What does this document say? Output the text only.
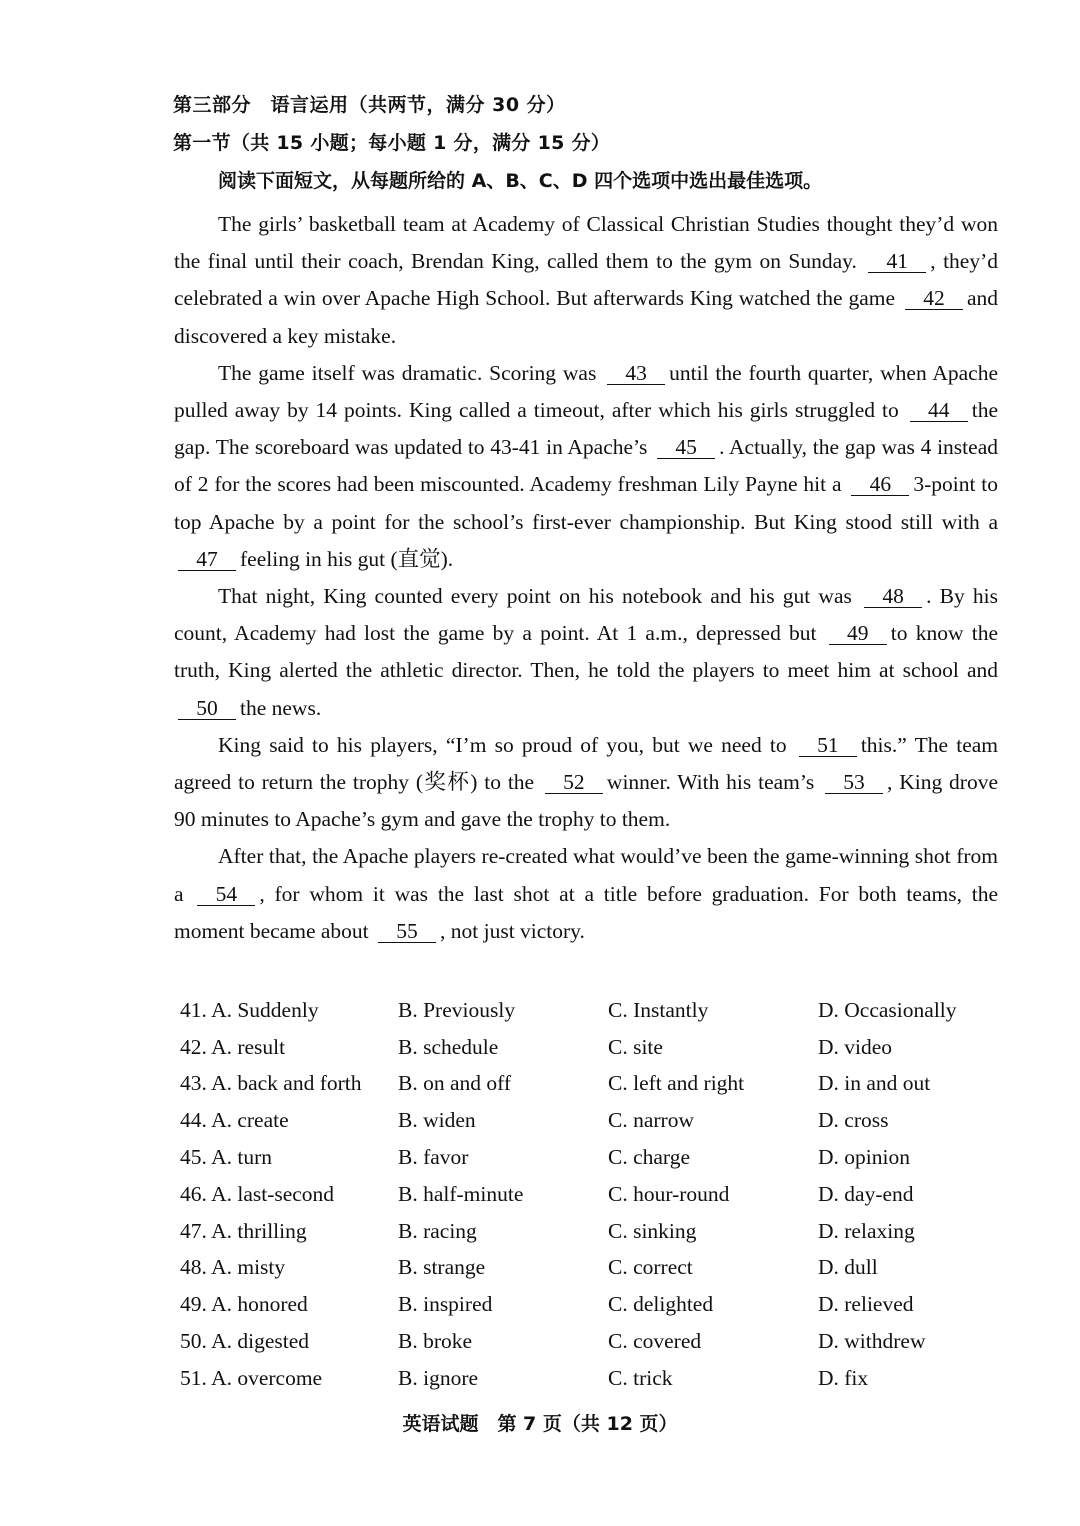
第三部分　语言运用（共两节，满分 30 分）
第一节（共 15 小题；每小题 1 分，满分 15 分）
阅读下面短文，从每题所给的 A、B、C、D 四个选项中选出最佳选项。

The girls’ basketball team at Academy of Classical Christian Studies thought they’d won the final until their coach, Brendan King, called them to the gym on Sunday. 41 , they’d celebrated a win over Apache High School. But afterwards King watched the game 42 and discovered a key mistake.

The game itself was dramatic. Scoring was 43 until the fourth quarter, when Apache pulled away by 14 points. King called a timeout, after which his girls struggled to 44 the gap. The scoreboard was updated to 43-41 in Apache’s 45 . Actually, the gap was 4 instead of 2 for the scores had been miscounted. Academy freshman Lily Payne hit a 46 3-point to top Apache by a point for the school’s first-ever championship. But King stood still with a 47 feeling in his gut (直觉).

That night, King counted every point on his notebook and his gut was 48 . By his count, Academy had lost the game by a point. At 1 a.m., depressed but 49 to know the truth, King alerted the athletic director. Then, he told the players to meet him at school and 50 the news.

King said to his players, “I’m so proud of you, but we need to 51 this.” The team agreed to return the trophy (奖杯) to the 52 winner. With his team’s 53 , King drove 90 minutes to Apache’s gym and gave the trophy to them.

After that, the Apache players re-created what would’ve been the game-winning shot from a 54 , for whom it was the last shot at a title before graduation. For both teams, the moment became about 55 , not just victory.

41. A. Suddenly	B. Previously	C. Instantly	D. Occasionally
42. A. result	B. schedule	C. site	D. video
43. A. back and forth	B. on and off	C. left and right	D. in and out
44. A. create	B. widen	C. narrow	D. cross
45. A. turn	B. favor	C. charge	D. opinion
46. A. last-second	B. half-minute	C. hour-round	D. day-end
47. A. thrilling	B. racing	C. sinking	D. relaxing
48. A. misty	B. strange	C. correct	D. dull
49. A. honored	B. inspired	C. delighted	D. relieved
50. A. digested	B. broke	C. covered	D. withdrew
51. A. overcome	B. ignore	C. trick	D. fix
英语试题　第 7 页（共 12 页）
